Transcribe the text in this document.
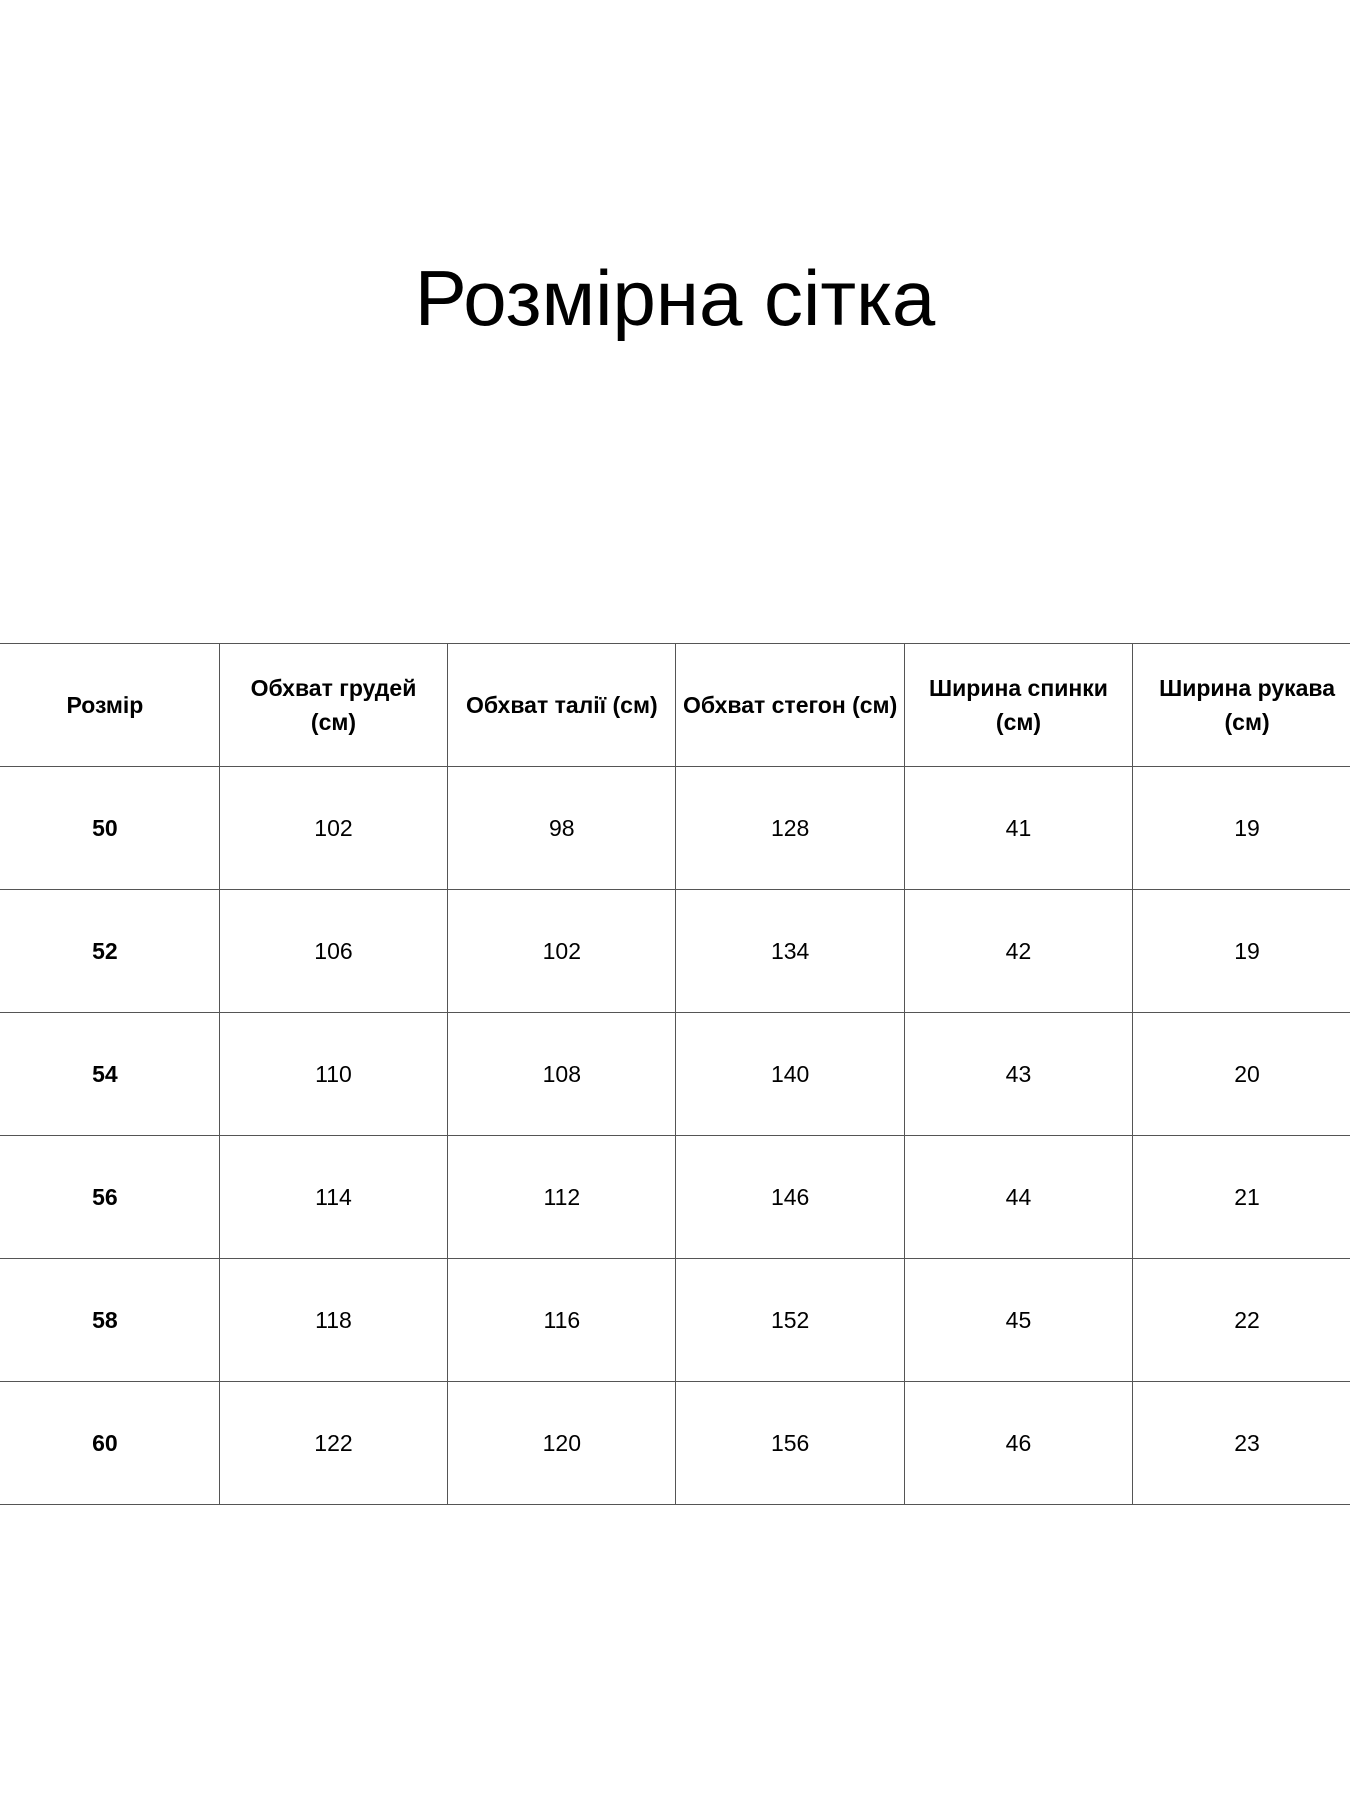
Розмірна сітка
Розмір	Обхват грудей (см)	Обхват талії (см)	Обхват стегон (см)	Ширина спинки (см)	Ширина рукава (см)
50	102	98	128	41	19
52	106	102	134	42	19
54	110	108	140	43	20
56	114	112	146	44	21
58	118	116	152	45	22
60	122	120	156	46	23
